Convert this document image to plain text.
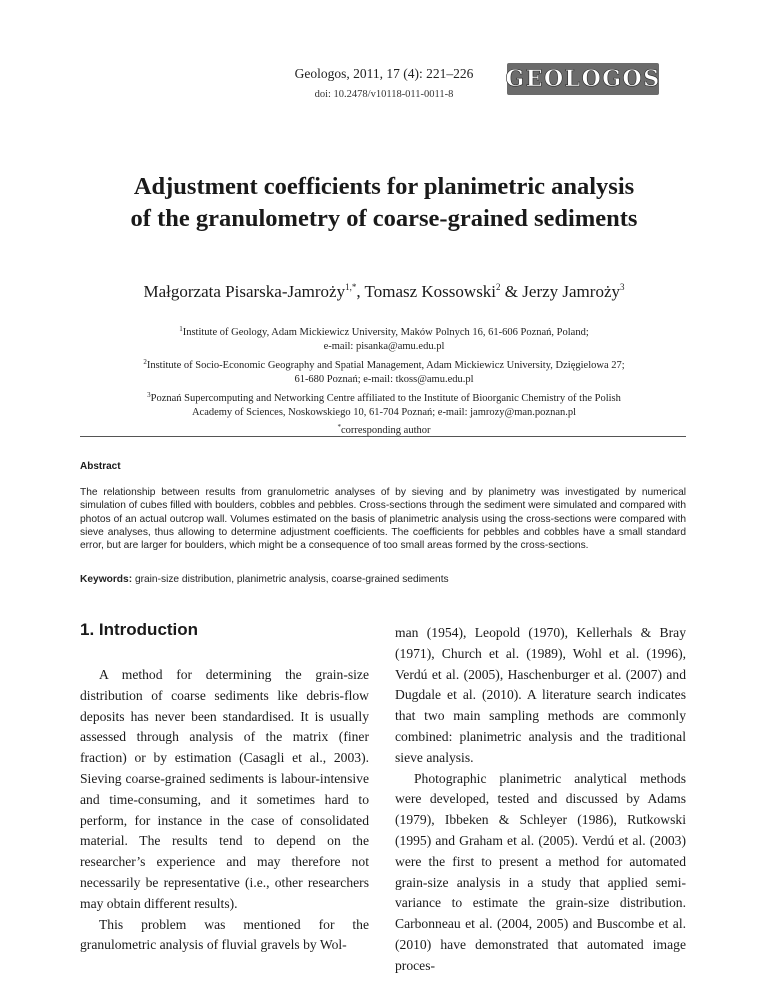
Geologos, 2011, 17 (4): 221–226
doi: 10.2478/v10118-011-0011-8
GEOLOGOS
Adjustment coefficients for planimetric analysis
of the granulometry of coarse-grained sediments
Małgorzata Pisarska-Jamroży$^{1,*}$, Tomasz Kossowski$^2$ & Jerzy Jamroży$^3$
$^1$Institute of Geology, Adam Mickiewicz University, Maków Polnych 16, 61-606 Poznań, Poland;
e-mail: pisanka@amu.edu.pl
$^2$Institute of Socio-Economic Geography and Spatial Management, Adam Mickiewicz University, Dzięgielowa 27;
61-680 Poznań; e-mail: tkoss@amu.edu.pl
$^3$Poznań Supercomputing and Networking Centre affiliated to the Institute of Bioorganic Chemistry of the Polish
Academy of Sciences, Noskowskiego 10, 61-704 Poznań; e-mail: jamrozy@man.poznan.pl
*corresponding author
Abstract
The relationship between results from granulometric analyses of by sieving and by planimetry was investigated by numerical simulation of cubes filled with boulders, cobbles and pebbles. Cross-sections through the sediment were simulated and compared with photos of an actual outcrop wall. Volumes estimated on the basis of planimetric analysis using the cross-sections were compared with sieve analyses, thus allowing to determine adjustment coefficients. The coefficients for pebbles and cobbles have a small standard error, but are larger for boulders, which might be a consequence of too small areas formed by the cross-sections.
Keywords: grain-size distribution, planimetric analysis, coarse-grained sediments
1. Introduction

A method for determining the grain-size distribution of coarse sediments like debris-flow deposits has never been standardised. It is usually assessed through analysis of the matrix (finer fraction) or by estimation (Casagli et al., 2003). Sieving coarse-grained sediments is labour-intensive and time-consuming, and it sometimes hard to perform, for instance in the case of consolidated material. The results tend to depend on the researcher’s experience and may therefore not necessarily be representative (i.e., other researchers may obtain different results).

This problem was mentioned for the granulometric analysis of fluvial gravels by Wol-

man (1954), Leopold (1970), Kellerhals & Bray (1971), Church et al. (1989), Wohl et al. (1996), Verdú et al. (2005), Haschenburger et al. (2007) and Dugdale et al. (2010). A literature search indicates that two main sampling methods are commonly combined: planimetric analysis and the traditional sieve analysis.

Photographic planimetric analytical methods were developed, tested and discussed by Adams (1979), Ibbeken & Schleyer (1986), Rutkowski (1995) and Graham et al. (2005). Verdú et al. (2003) were the first to present a method for automated grain-size analysis in a study that applied semi-variance to estimate the grain-size distribution. Carbonneau et al. (2004, 2005) and Buscombe et al. (2010) have demonstrated that automated image proces-
